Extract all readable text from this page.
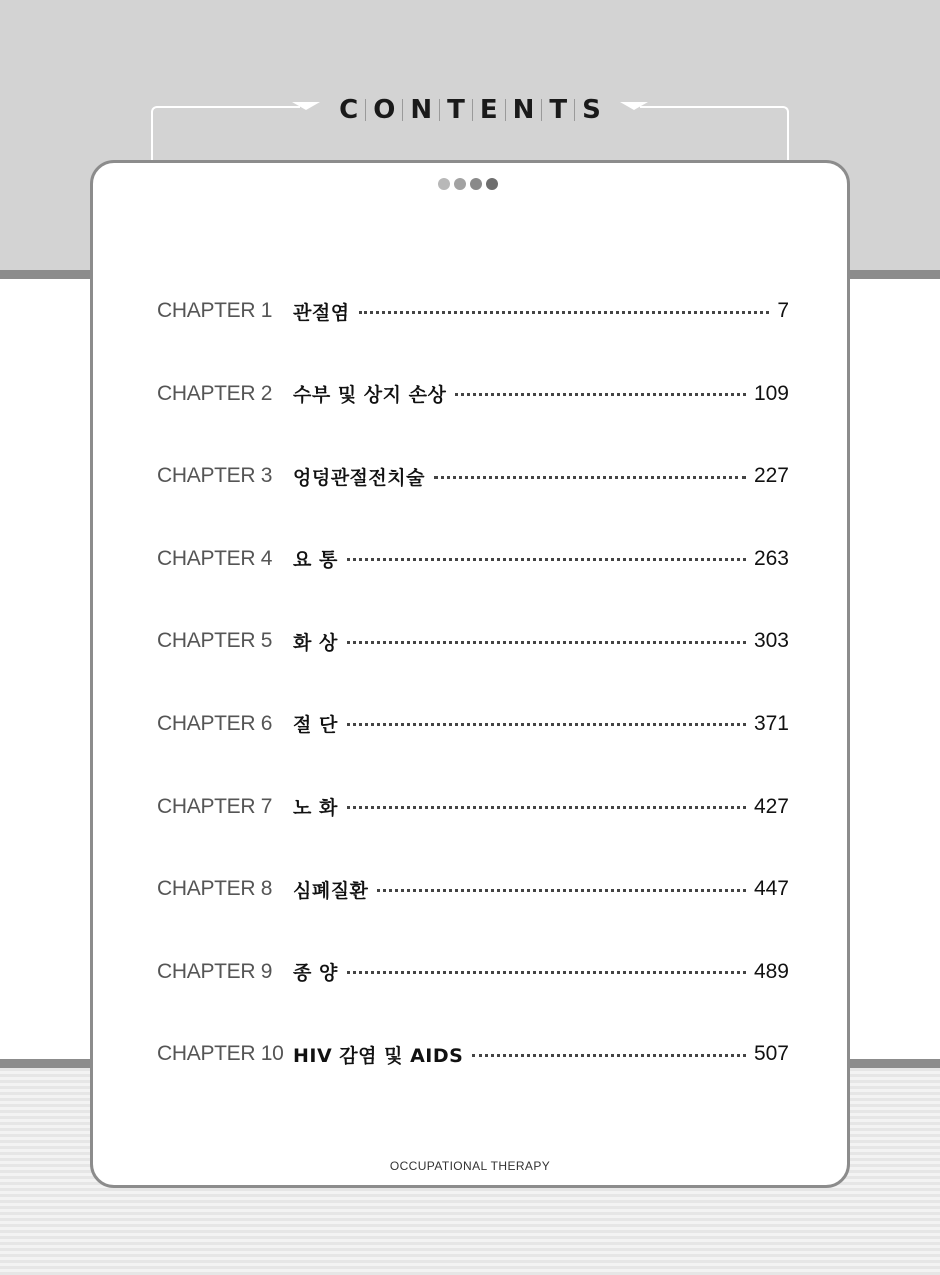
C O N T E N T S
CHAPTER 1	관절염	7
CHAPTER 2	수부 및 상지 손상	109
CHAPTER 3	엉덩관절전치술	227
CHAPTER 4	요 통	263
CHAPTER 5	화 상	303
CHAPTER 6	절 단	371
CHAPTER 7	노 화	427
CHAPTER 8	심폐질환	447
CHAPTER 9	종 양	489
CHAPTER 10 HIV 감염 및 AIDS	507
OCCUPATIONAL THERAPY
